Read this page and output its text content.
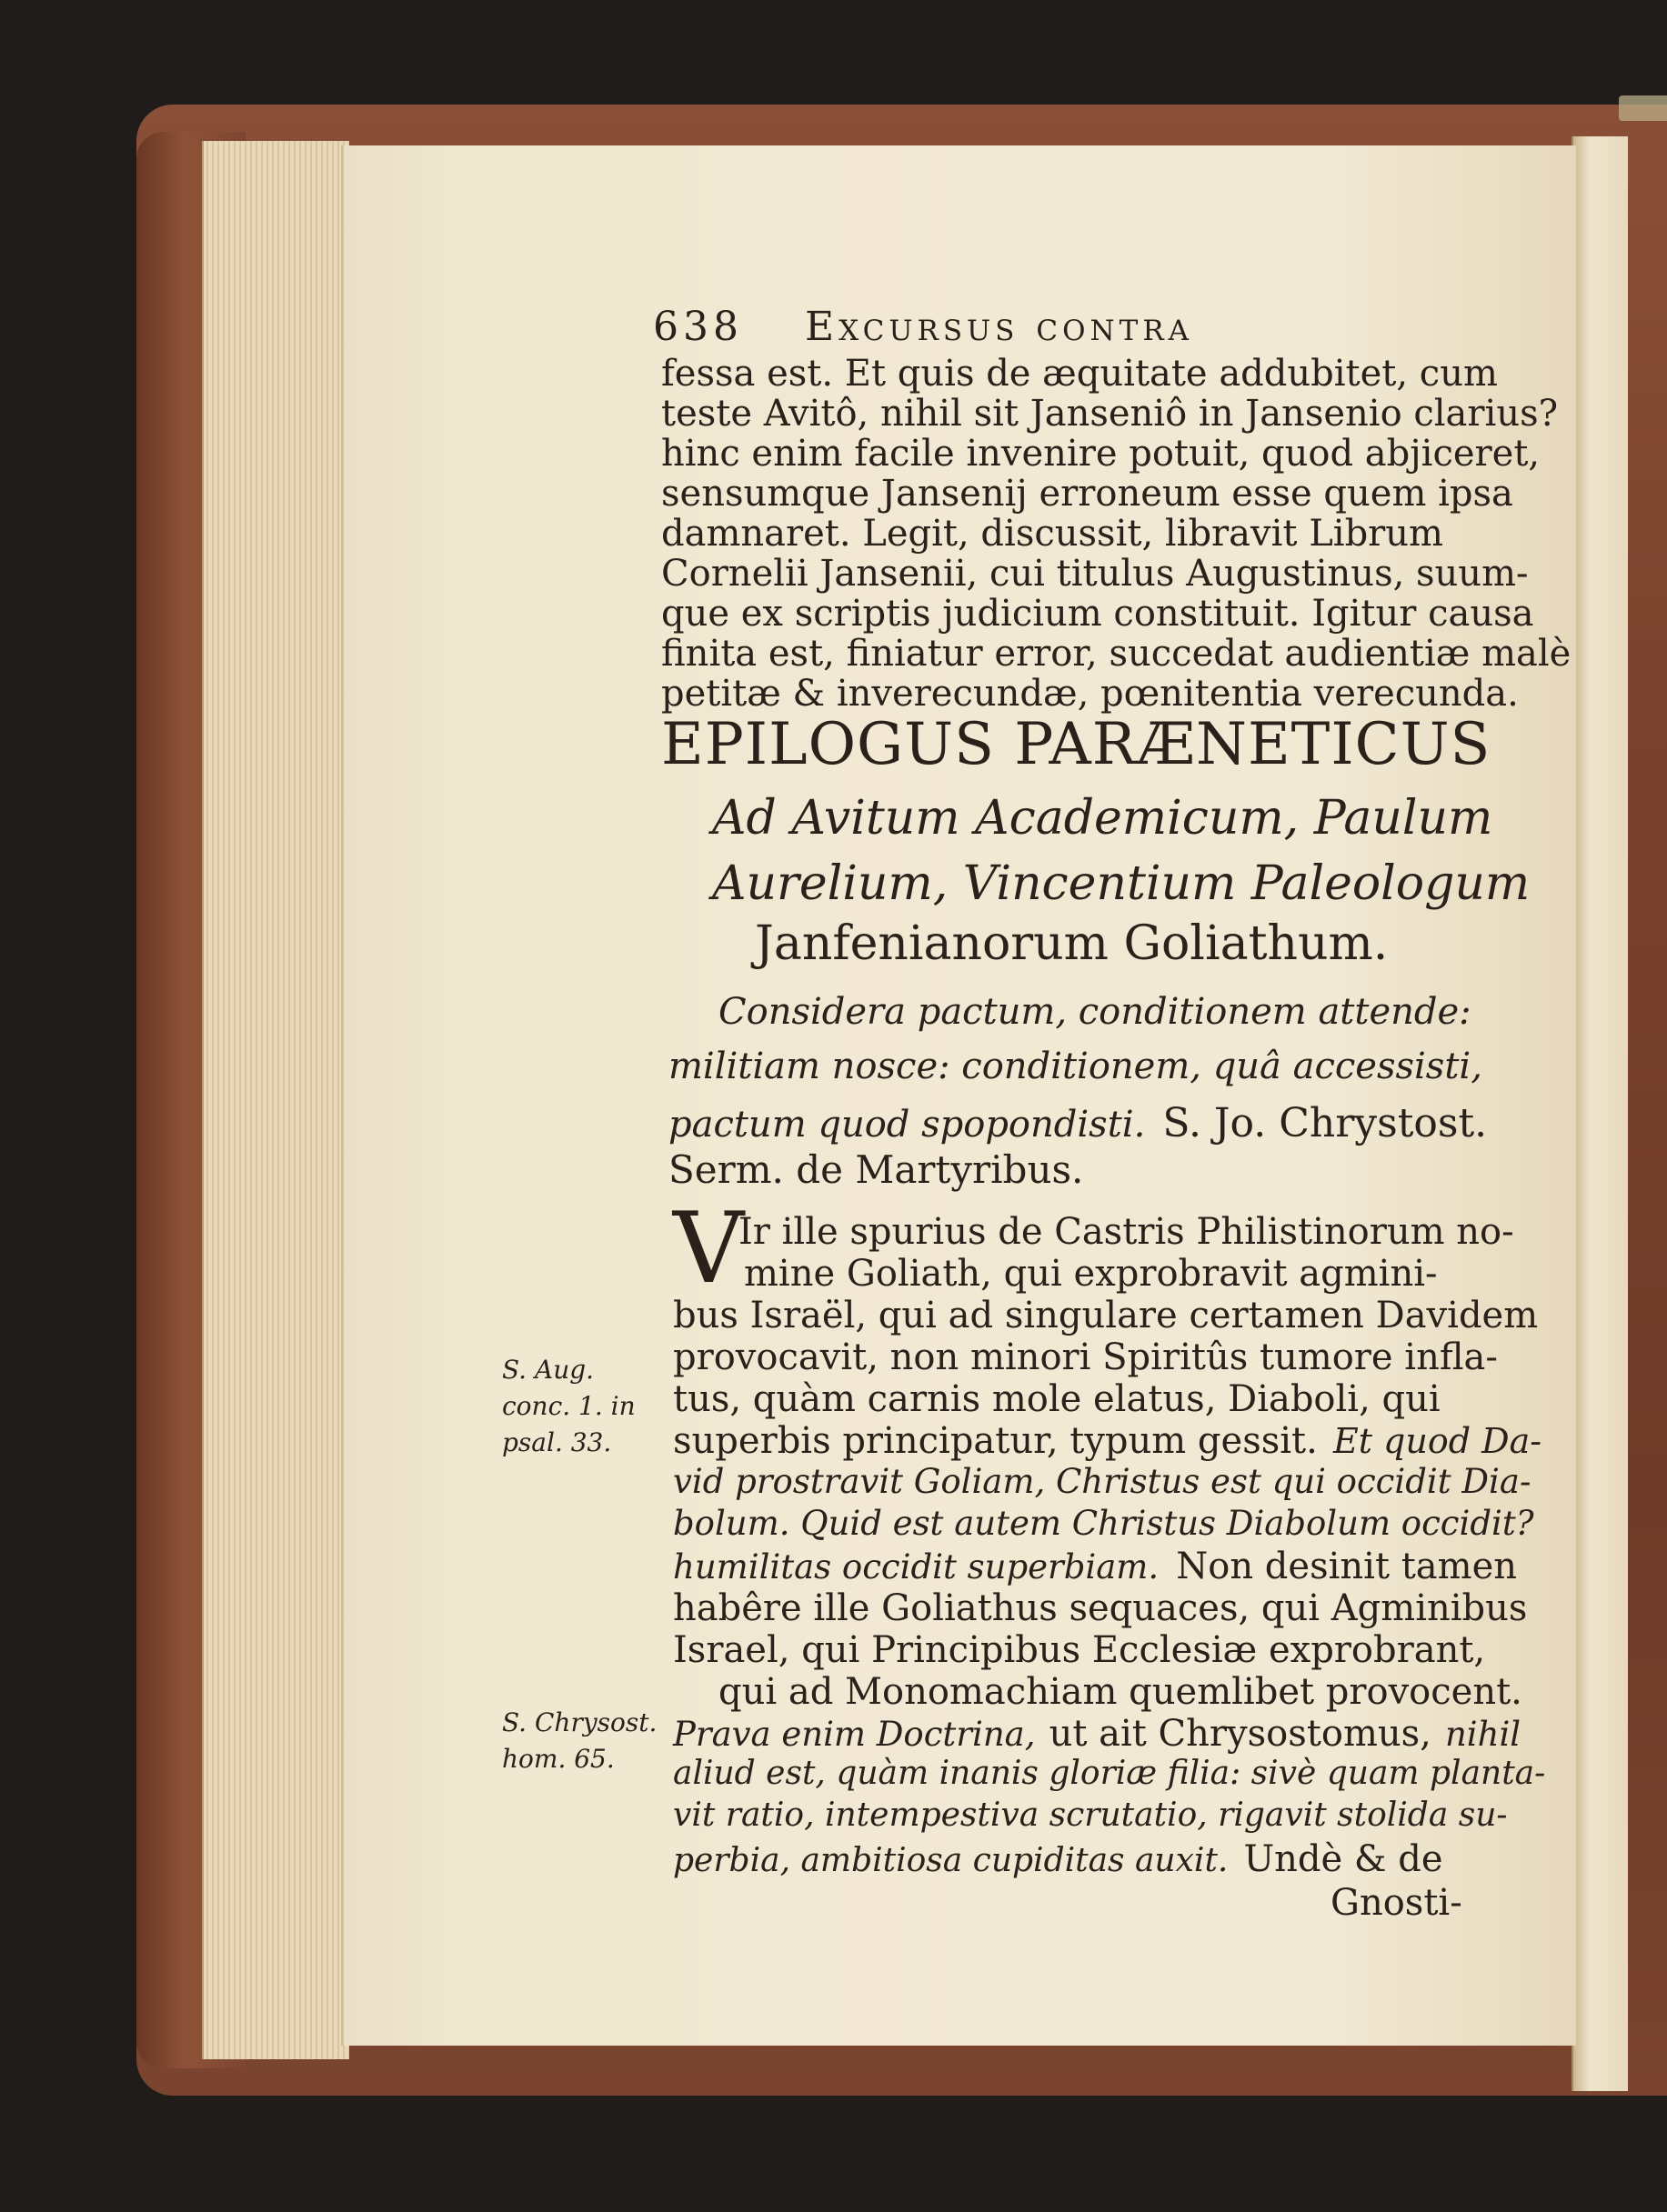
638 Excursus contra
fessa est. Et quis de æquitate addubitet, cum
teste Avitô, nihil sit Janseniô in Jansenio clarius?
hinc enim facile invenire potuit, quod abjiceret,
sensumque Jansenij erroneum esse quem ipsa
damnaret. Legit, discussit, libravit Librum
Cornelii Jansenii, cui titulus Augustinus, suum-
que ex scriptis judicium constituit. Igitur causa
finita est, finiatur error, succedat audientiæ malè
petitæ & inverecundæ, pœnitentia verecunda.
EPILOGUS PARÆNETICUS
Ad Avitum Academicum, Paulum
Aurelium, Vincentium Paleologum
Janfenianorum Goliathum.
Considera pactum, conditionem attende:
militiam nosce: conditionem, quâ accessisti,
pactum quod spopondisti. S. Jo. Chrystost.
Serm. de Martyribus.
V
Ir ille spurius de Castris Philistinorum no-
mine Goliath, qui exprobravit agmini-
bus Israël, qui ad singulare certamen Davidem
provocavit, non minori Spiritûs tumore infla-
tus, quàm carnis mole elatus, Diaboli, qui
superbis principatur, typum gessit. Et quod Da-
vid prostravit Goliam, Christus est qui occidit Dia-
bolum. Quid est autem Christus Diabolum occidit?
humilitas occidit superbiam. Non desinit tamen
habêre ille Goliathus sequaces, qui Agminibus
Israel, qui Principibus Ecclesiæ exprobrant,
qui ad Monomachiam quemlibet provocent.
Prava enim Doctrina, ut ait Chrysostomus, nihil
aliud est, quàm inanis gloriæ filia: sivè quam planta-
vit ratio, intempestiva scrutatio, rigavit stolida su-
perbia, ambitiosa cupiditas auxit. Undè & de
Gnosti-
S. Aug.
conc. 1. in
psal. 33.
S. Chrysost.
hom. 65.
